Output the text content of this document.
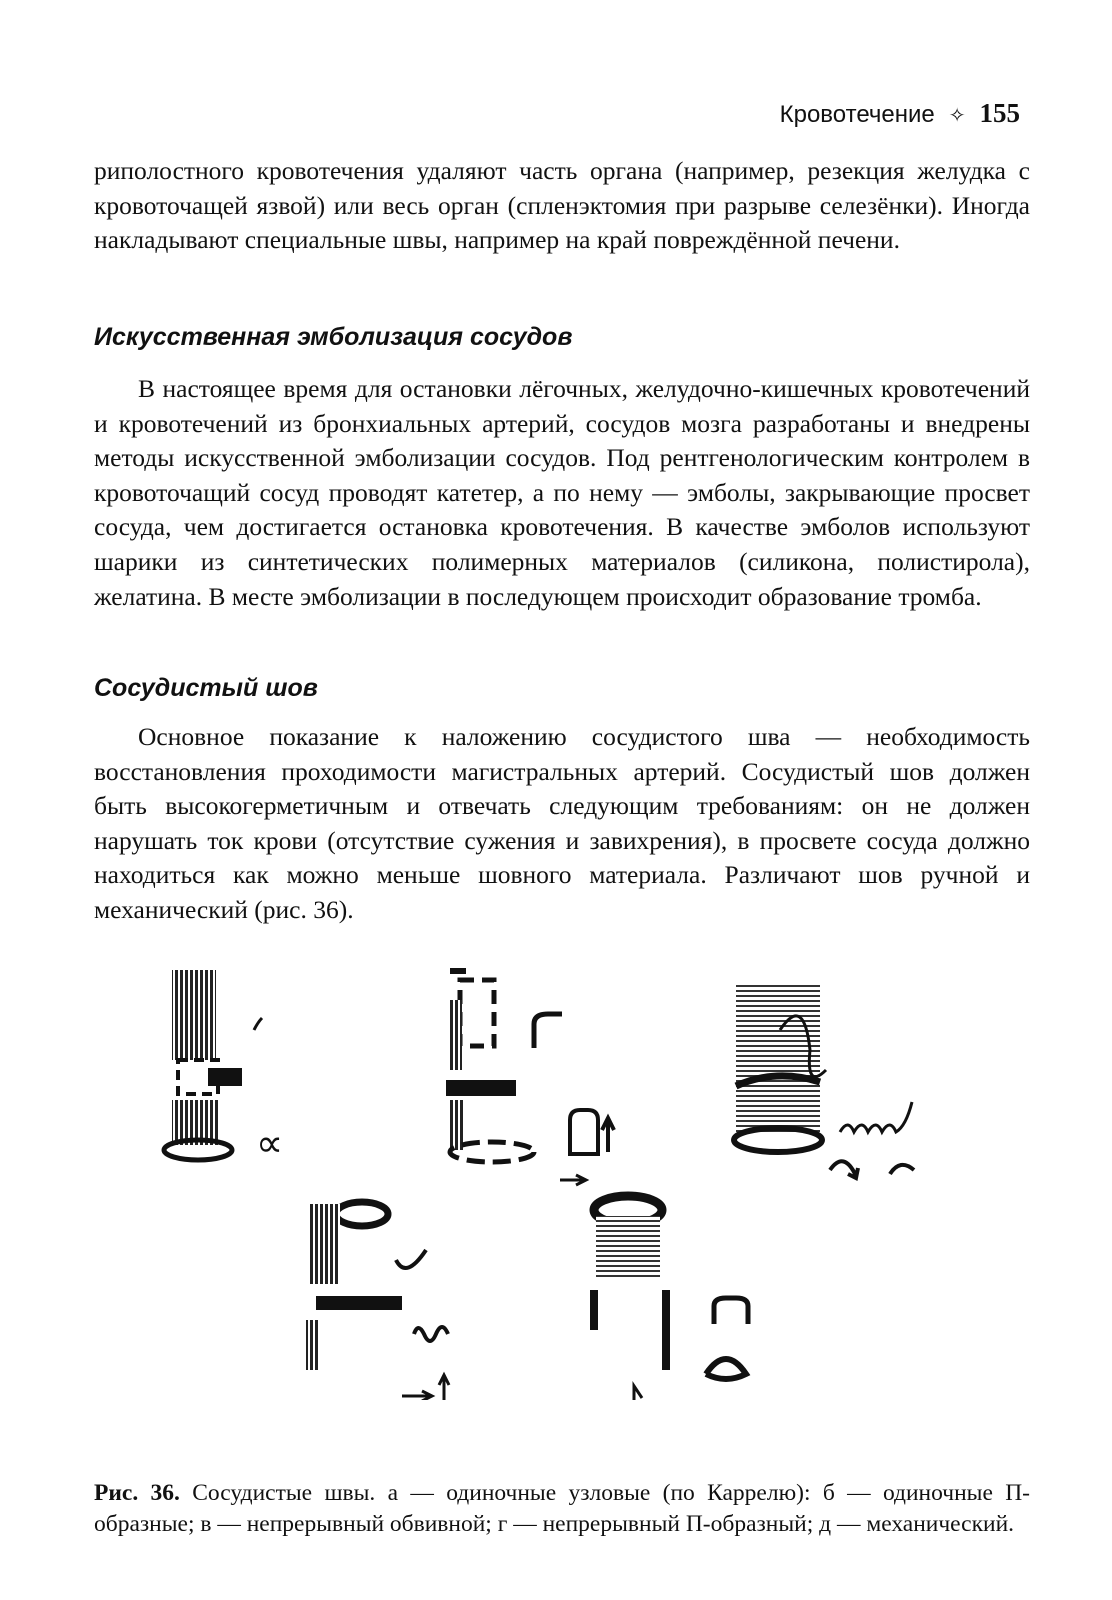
Кровотечение ✧ 155

риполостного кровотечения удаляют часть органа (например, резекция желудка с кровоточащей язвой) или весь орган (спленэктомия при разрыве селезёнки). Иногда накладывают специальные швы, например на край повреждённой печени.

Искусственная эмболизация сосудов

В настоящее время для остановки лёгочных, желудочно-кишечных кровотечений и кровотечений из бронхиальных артерий, сосудов мозга разработаны и внедрены методы искусственной эмболизации сосудов. Под рентгенологическим контролем в кровоточащий сосуд проводят катетер, а по нему — эмболы, закрывающие просвет сосуда, чем достигается остановка кровотечения. В качестве эмболов используют шарики из синтетических полимерных материалов (силикона, полистирола), желатина. В месте эмболизации в последующем происходит образование тромба.

Сосудистый шов

Основное показание к наложению сосудистого шва — необходимость восстановления проходимости магистральных артерий. Сосудистый шов должен быть высокогерметичным и отвечать следующим требованиям: он не должен нарушать ток крови (отсутствие сужения и завихрения), в просвете сосуда должно находиться как можно меньше шовного материала. Различают шов ручной и механический (рис. 36).

∝

Рис. 36. Сосудистые швы. а — одиночные узловые (по Каррелю): б — одиночные П-образные; в — непрерывный обвивной; г — непрерывный П-образный; д — механический.
